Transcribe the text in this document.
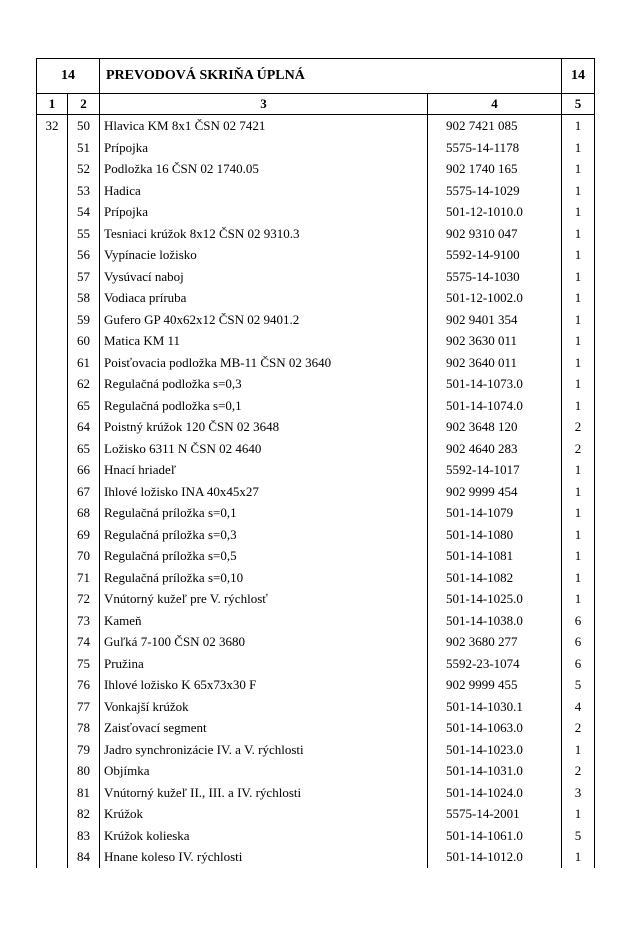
14		PREVODOVÁ SKRIŇA ÚPLNÁ		14
1	2	3	4	5
32	50	Hlavica KM 8x1 ČSN 02 7421	902 7421 085	1
	51	Prípojka	5575-14-1178	1
	52	Podložka 16 ČSN 02 1740.05	902 1740 165	1
	53	Hadica	5575-14-1029	1
	54	Prípojka	501-12-1010.0	1
	55	Tesniaci krúžok 8x12 ČSN 02 9310.3	902 9310 047	1
	56	Vypínacie ložisko	5592-14-9100	1
	57	Vysúvací naboj	5575-14-1030	1
	58	Vodiaca príruba	501-12-1002.0	1
	59	Gufero GP 40x62x12 ČSN 02 9401.2	902 9401 354	1
	60	Matica KM 11	902 3630 011	1
	61	Poisťovacia podložka MB-11 ČSN 02 3640	902 3640 011	1
	62	Regulačná podložka s=0,3	501-14-1073.0	1
	65	Regulačná podložka s=0,1	501-14-1074.0	1
	64	Poistný krúžok 120 ČSN 02 3648	902 3648 120	2
	65	Ložisko 6311 N ČSN 02 4640	902 4640 283	2
	66	Hnací hriadeľ	5592-14-1017	1
	67	Ihlové ložisko INA 40x45x27	902 9999 454	1
	68	Regulačná príložka s=0,1	501-14-1079	1
	69	Regulačná príložka s=0,3	501-14-1080	1
	70	Regulačná príložka s=0,5	501-14-1081	1
	71	Regulačná príložka s=0,10	501-14-1082	1
	72	Vnútorný kužeľ pre V. rýchlosť	501-14-1025.0	1
	73	Kameň	501-14-1038.0	6
	74	Guľká 7-100 ČSN 02 3680	902 3680 277	6
	75	Pružina	5592-23-1074	6
	76	Ihlové ložisko K 65x73x30 F	902 9999 455	5
	77	Vonkajší krúžok	501-14-1030.1	4
	78	Zaisťovací segment	501-14-1063.0	2
	79	Jadro synchronizácie IV. a V. rýchlosti	501-14-1023.0	1
	80	Objímka	501-14-1031.0	2
	81	Vnútorný kužeľ II., III. a IV. rýchlosti	501-14-1024.0	3
	82	Krúžok	5575-14-2001	1
	83	Krúžok kolieska	501-14-1061.0	5
	84	Hnane koleso IV. rýchlosti	501-14-1012.0	1
